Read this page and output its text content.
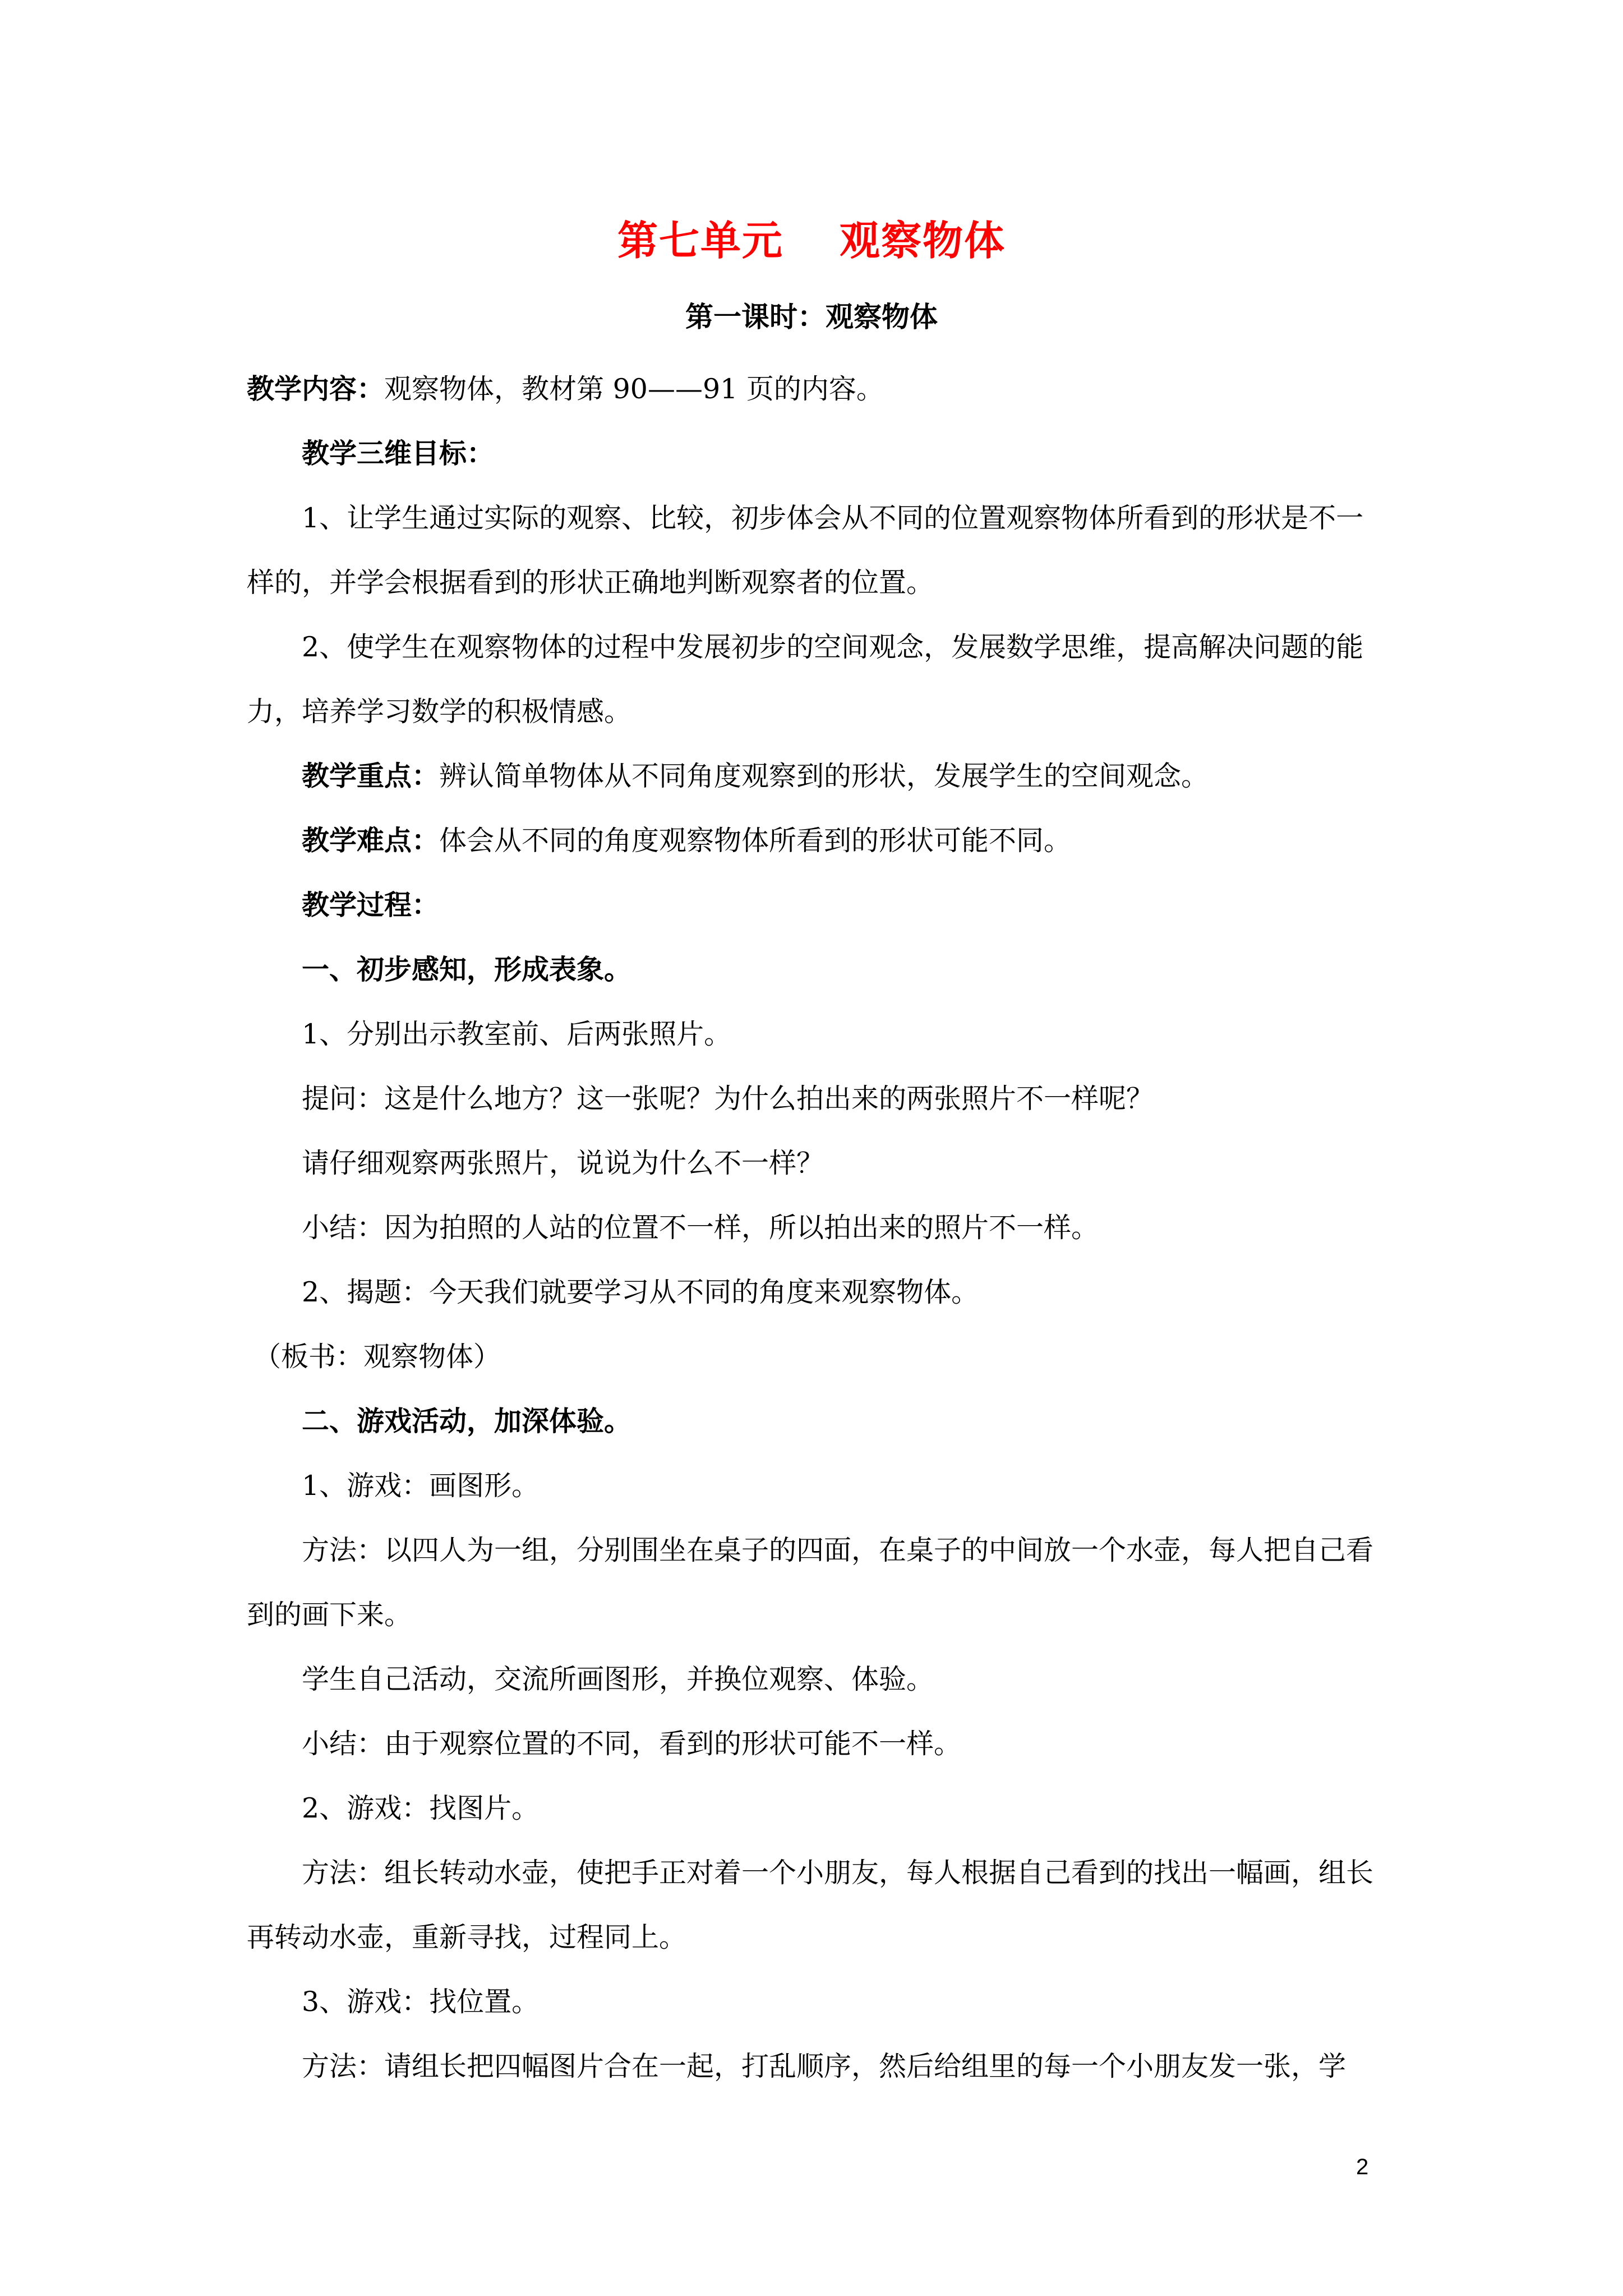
第七单元 观察物体
第一课时：观察物体

教学内容：观察物体，教材第 90——91 页的内容。

教学三维目标：

1、让学生通过实际的观察、比较，初步体会从不同的位置观察物体所看到的形状是不一样的，并学会根据看到的形状正确地判断观察者的位置。

2、使学生在观察物体的过程中发展初步的空间观念，发展数学思维，提高解决问题的能力，培养学习数学的积极情感。

教学重点：辨认简单物体从不同角度观察到的形状，发展学生的空间观念。

教学难点：体会从不同的角度观察物体所看到的形状可能不同。

教学过程：

一、初步感知，形成表象。

1、分别出示教室前、后两张照片。

提问：这是什么地方？这一张呢？为什么拍出来的两张照片不一样呢？

请仔细观察两张照片，说说为什么不一样？

小结：因为拍照的人站的位置不一样，所以拍出来的照片不一样。

2、揭题：今天我们就要学习从不同的角度来观察物体。

（板书：观察物体）

二、游戏活动，加深体验。

1、游戏：画图形。

方法：以四人为一组，分别围坐在桌子的四面，在桌子的中间放一个水壶，每人把自己看到的画下来。

学生自己活动，交流所画图形，并换位观察、体验。

小结：由于观察位置的不同，看到的形状可能不一样。

2、游戏：找图片。

方法：组长转动水壶，使把手正对着一个小朋友，每人根据自己看到的找出一幅画，组长再转动水壶，重新寻找，过程同上。

3、游戏：找位置。

方法：请组长把四幅图片合在一起，打乱顺序，然后给组里的每一个小朋友发一张，学

2
